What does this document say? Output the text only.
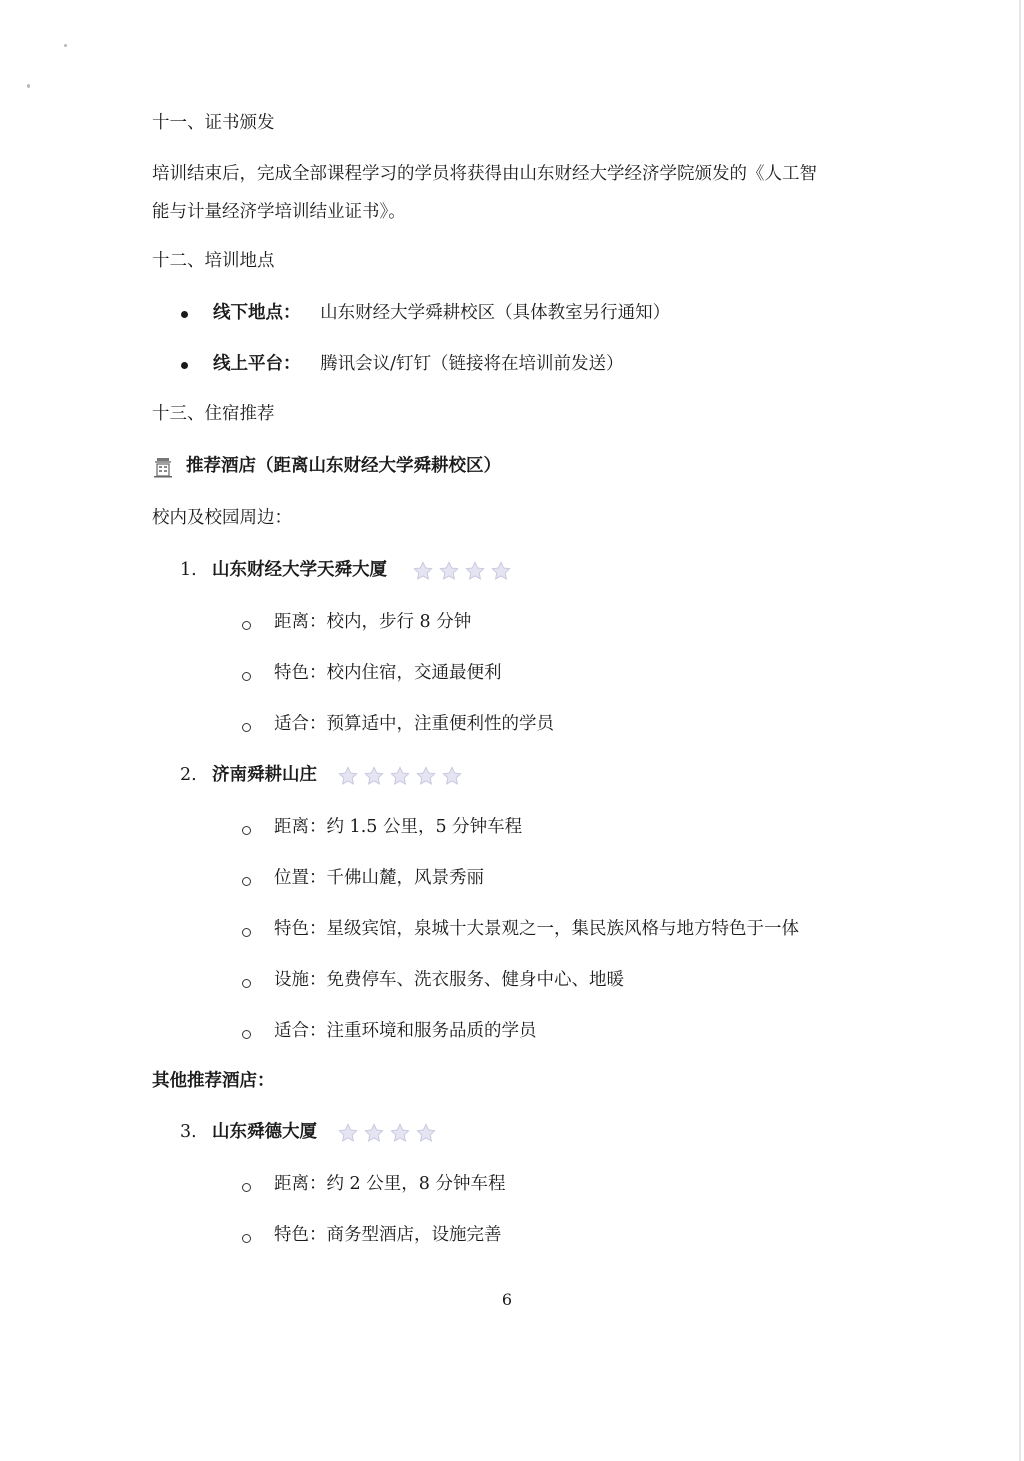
十一、证书颁发
培训结束后，完成全部课程学习的学员将获得由山东财经大学经济学院颁发的《人工智
能与计量经济学培训结业证书》。
十二、培训地点
线下地点： 山东财经大学舜耕校区（具体教室另行通知）
线上平台： 腾讯会议/钉钉（链接将在培训前发送）
十三、住宿推荐
推荐酒店（距离山东财经大学舜耕校区）
校内及校园周边：
1. 山东财经大学天舜大厦
距离：校内，步行 8 分钟
特色：校内住宿，交通最便利
适合：预算适中，注重便利性的学员
2. 济南舜耕山庄
距离：约 1.5 公里，5 分钟车程
位置：千佛山麓，风景秀丽
特色：星级宾馆，泉城十大景观之一，集民族风格与地方特色于一体
设施：免费停车、洗衣服务、健身中心、地暖
适合：注重环境和服务品质的学员
其他推荐酒店：
3. 山东舜德大厦
距离：约 2 公里，8 分钟车程
特色：商务型酒店，设施完善
6
